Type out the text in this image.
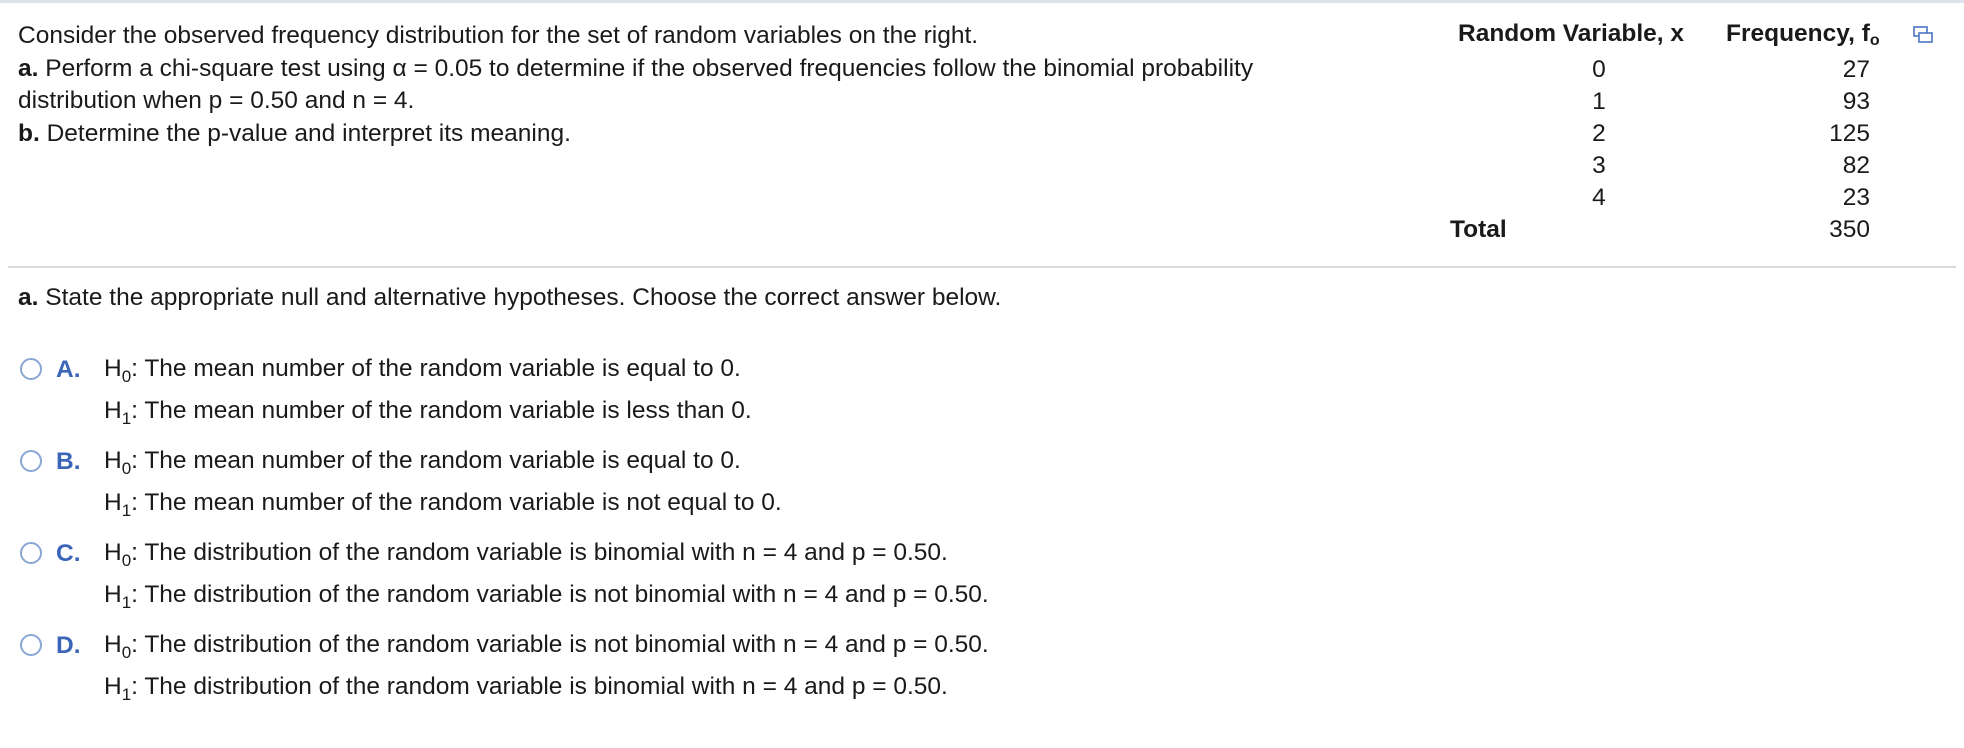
Consider the observed frequency distribution for the set of random variables on the right.

a. Perform a chi-square test using α = 0.05 to determine if the observed frequencies follow the binomial probability distribution when p = 0.50 and n = 4.

b. Determine the p-value and interpret its meaning.

Random Variable, x Frequency, $f_o$
0	27
1	93
2	125
3	82
4	23
Total	350
a. State the appropriate null and alternative hypotheses. Choose the correct answer below.
A. $H_0$: The mean number of the random variable is equal to 0.
$H_1$: The mean number of the random variable is less than 0.
B. $H_0$: The mean number of the random variable is equal to 0.
$H_1$: The mean number of the random variable is not equal to 0.
C. $H_0$: The distribution of the random variable is binomial with n = 4 and p = 0.50.
$H_1$: The distribution of the random variable is not binomial with n = 4 and p = 0.50.
D. $H_0$: The distribution of the random variable is not binomial with n = 4 and p = 0.50.
$H_1$: The distribution of the random variable is binomial with n = 4 and p = 0.50.
